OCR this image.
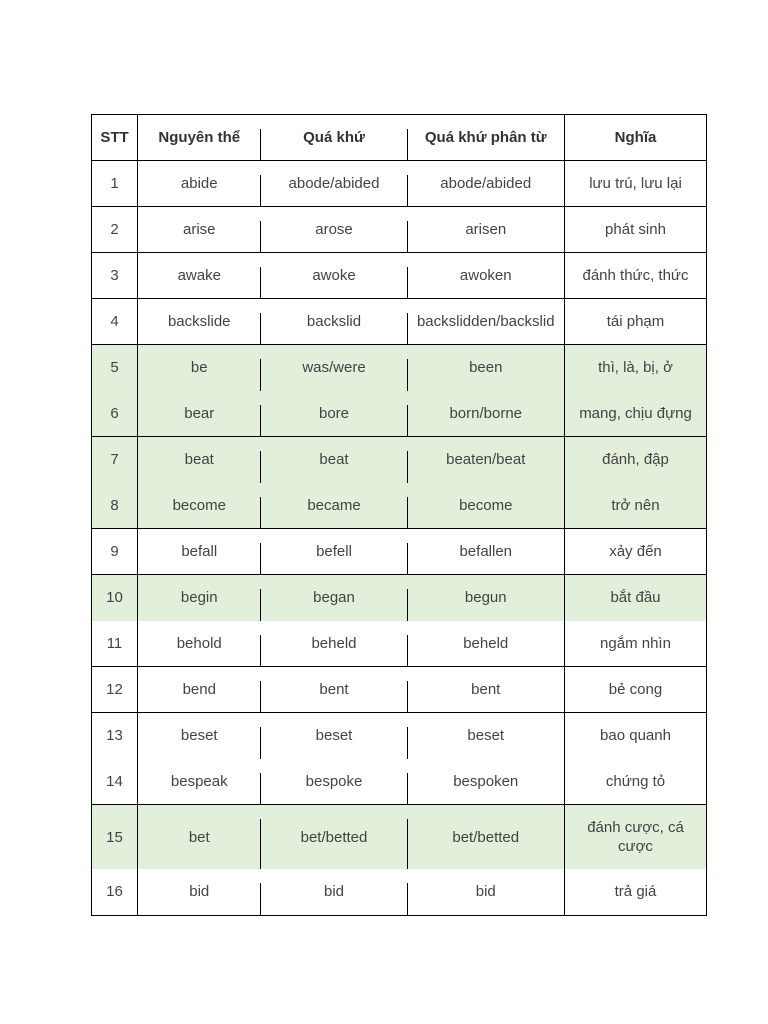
STT	Nguyên thể	Quá khứ	Quá khứ phân từ	Nghĩa
1	abide	abode/abided	abode/abided	lưu trú, lưu lại
2	arise	arose	arisen	phát sinh
3	awake	awoke	awoken	đánh thức, thức
4	backslide	backslid	backslidden/backslid	tái phạm
5	be	was/were	been	thì, là, bị, ở
6	bear	bore	born/borne	mang, chịu đựng
7	beat	beat	beaten/beat	đánh, đập
8	become	became	become	trở nên
9	befall	befell	befallen	xảy đến
10	begin	began	begun	bắt đầu
11	behold	beheld	beheld	ngắm nhìn
12	bend	bent	bent	bẻ cong
13	beset	beset	beset	bao quanh
14	bespeak	bespoke	bespoken	chứng tỏ
15	bet	bet/betted	bet/betted	đánh cược, cá cược
16	bid	bid	bid	trả giá
